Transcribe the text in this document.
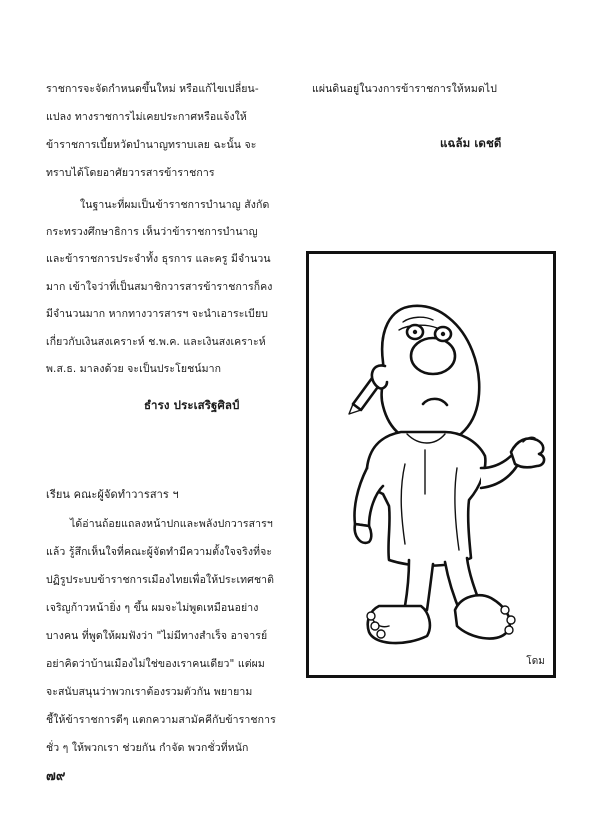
ราชการจะจัดกำหนดขึ้นใหม่ หรือแก้ไขเปลี่ยน-
แปลง ทางราชการไม่เคยประกาศหรือแจ้งให้
ข้าราชการเบี้ยหวัดบำนาญทราบเลย ฉะนั้น จะ
ทราบได้โดยอาศัยวารสารข้าราชการ
ในฐานะที่ผมเป็นข้าราชการบำนาญ สังกัด
กระทรวงศึกษาธิการ เห็นว่าข้าราชการบำนาญ
และข้าราชการประจำทั้ง ธุรการ และครู มีจำนวน
มาก เข้าใจว่าที่เป็นสมาชิกวารสารข้าราชการก็คง
มีจำนวนมาก หากทางวารสารฯ จะนำเอาระเบียบ
เกี่ยวกับเงินสงเคราะห์ ช.พ.ค. และเงินสงเคราะห์
พ.ส.ธ. มาลงด้วย จะเป็นประโยชน์มาก
ธำรง ประเสริฐศิลป์
เรียน คณะผู้จัดทำวารสาร ฯ
ได้อ่านถ้อยแถลงหน้าปกและพลังปกวารสารฯ
แล้ว รู้สึกเห็นใจที่คณะผู้จัดทำมีความตั้งใจจริงที่จะ
ปฏิรูประบบข้าราชการเมืองไทยเพื่อให้ประเทศชาติ
เจริญก้าวหน้ายิ่ง ๆ ขึ้น ผมจะไม่พูดเหมือนอย่าง
บางคน ที่พูดให้ผมฟังว่า "ไม่มีทางสำเร็จ อาจารย์
อย่าคิดว่าบ้านเมืองไม่ใช่ของเราคนเดียว" แต่ผม
จะสนับสนุนว่าพวกเราต้องรวมตัวกัน พยายาม
ชี้ให้ข้าราชการดีๆ แตกความสามัคคีกับข้าราชการ
ชั่ว ๆ ให้พวกเรา ช่วยกัน กำจัด พวกชั่วที่หนัก
๗๙
แผ่นดินอยู่ในวงการข้าราชการให้หมดไป
แฉล้ม เดชดี
โดม
